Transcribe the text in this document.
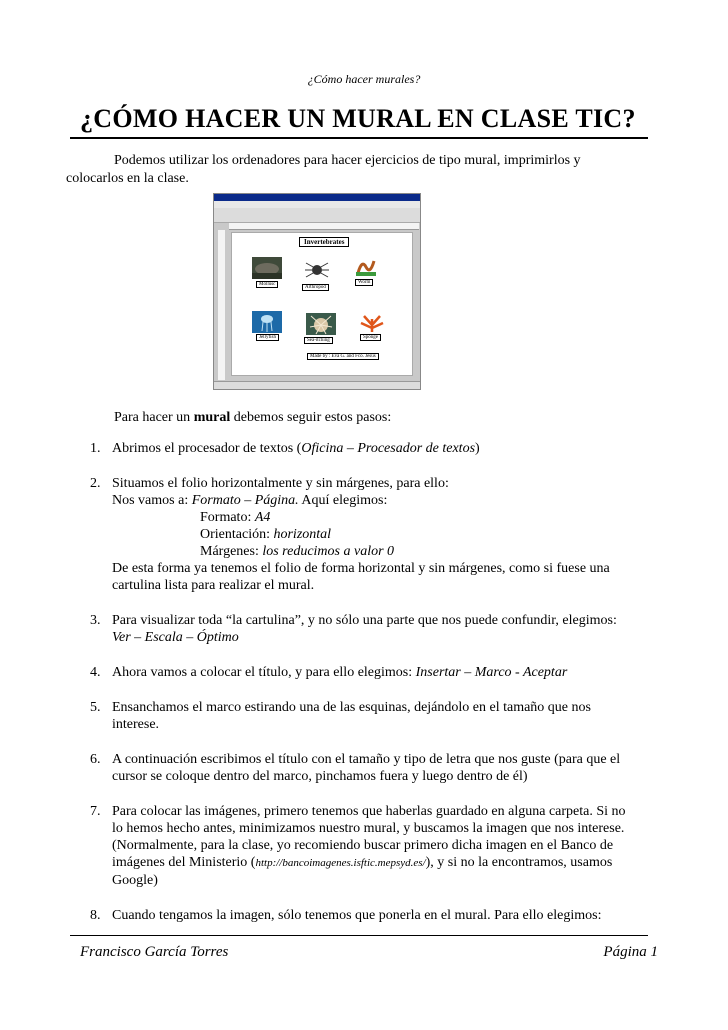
¿Cómo hacer murales?
¿CÓMO HACER UN MURAL EN CLASE TIC?
Podemos utilizar los ordenadores para hacer ejercicios de tipo mural, imprimirlos y
colocarlos en la clase.
Invertebrates
Mollusc
Arthropod
Worm
Jellyfish
Sea-itching
Sponge
Made by : Eva G. and Fco. Jesús
Para hacer un mural debemos seguir estos pasos:
1. Abrimos el procesador de textos (Oficina – Procesador de textos)
2. Situamos el folio horizontalmente y sin márgenes, para ello:
Nos vamos a: Formato – Página. Aquí elegimos:
Formato: A4
Orientación: horizontal
Márgenes: los reducimos a valor 0
De esta forma ya tenemos el folio de forma horizontal y sin márgenes, como si fuese una
cartulina lista para realizar el mural.
3. Para visualizar toda “la cartulina”, y no sólo una parte que nos puede confundir, elegimos:
Ver – Escala – Óptimo
4. Ahora vamos a colocar el título, y para ello elegimos: Insertar – Marco - Aceptar
5. Ensanchamos el marco estirando una de las esquinas, dejándolo en el tamaño que nos
interese.
6. A continuación escribimos el título con el tamaño y tipo de letra que nos guste (para que el
cursor se coloque dentro del marco, pinchamos fuera y luego dentro de él)
7. Para colocar las imágenes, primero tenemos que haberlas guardado en alguna carpeta. Si no
lo hemos hecho antes, minimizamos nuestro mural, y buscamos la imagen que nos interese.
(Normalmente, para la clase, yo recomiendo buscar primero dicha imagen en el Banco de
imágenes del Ministerio (http://bancoimagenes.isftic.mepsyd.es/), y si no la encontramos, usamos
Google)
8. Cuando tengamos la imagen, sólo tenemos que ponerla en el mural. Para ello elegimos:
Francisco García Torres	Página 1
